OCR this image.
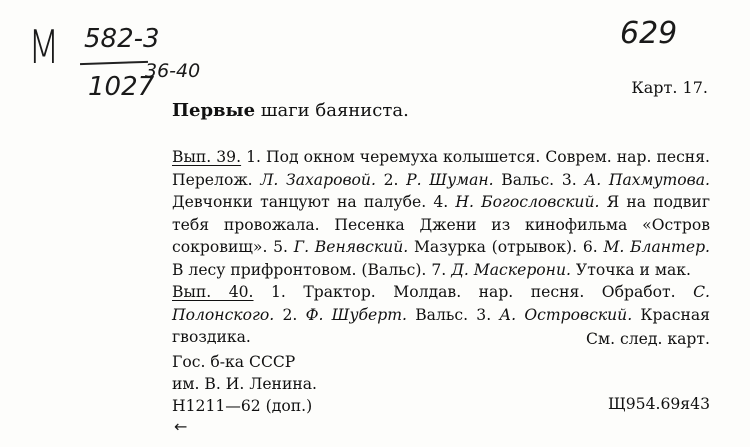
М 582-3
1027
36-40
629
Карт. 17.
Первые шаги баяниста.
Вып. 39. 1. Под окном черемуха колышется. Соврем. нар. песня. Перелож. Л. Захаровой. 2. Р. Шуман. Вальс. 3. А. Пахмутова. Девчонки танцуют на палубе. 4. Н. Богословский. Я на подвиг тебя провожала. Песенка Джени из кинофильма «Остров сокровищ». 5. Г. Венявский. Мазурка (отрывок). 6. М. Блантер. В лесу прифронтовом. (Вальс). 7. Д. Маскерони. Уточка и мак.
Вып. 40. 1. Трактор. Молдав. нар. песня. Обработ. С. Полонского. 2. Ф. Шуберт. Вальс. 3. А. Островский. Красная гвоздика.	См. след. карт.
Гос. б-ка СССР
им. В. И. Ленина.
Н1211—62 (доп.)	Щ954.69я43
←
